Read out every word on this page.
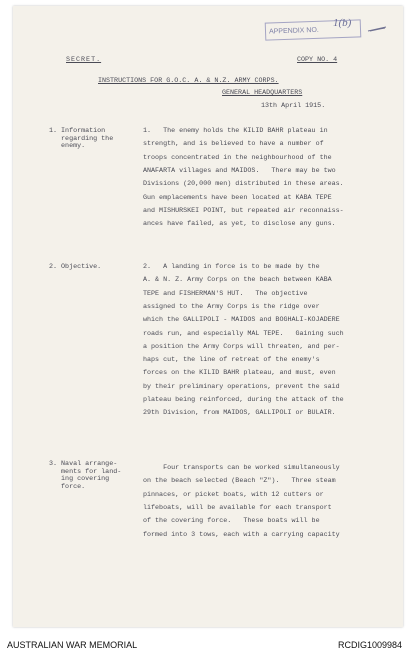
APPENDIX NO.
1(b)
SECRET.	COPY NO. 4
INSTRUCTIONS FOR G.O.C. A. & N.Z. ARMY CORPS.
GENERAL HEADQUARTERS
13th April 1915.
1. Information
regarding the
enemy.
1.   The enemy holds the KILID BAHR plateau in
strength, and is believed to have a number of
troops concentrated in the neighbourhood of the
ANAFARTA villages and MAIDOS.   There may be two
Divisions (20,000 men) distributed in these areas.
Gun emplacements have been located at KABA TEPE
and MISHURSKEI POINT, but repeated air reconnaiss-
ances have failed, as yet, to disclose any guns.
2. Objective.	2.   A landing in force is to be made by the
A. & N. Z. Army Corps on the beach between KABA
TEPE and FISHERMAN'S HUT.   The objective
assigned to the Army Corps is the ridge over
which the GALLIPOLI - MAIDOS and BOGHALI-KOJADERE
roads run, and especially MAL TEPE.   Gaining such
a position the Army Corps will threaten, and per-
haps cut, the line of retreat of the enemy's
forces on the KILID BAHR plateau, and must, even
by their preliminary operations, prevent the said
plateau being reinforced, during the attack of the
29th Division, from MAIDOS, GALLIPOLI or BULAIR.
3. Naval arrange-
ments for land-
ing covering
force.
Four transports can be worked simultaneously
on the beach selected (Beach "Z").   Three steam
pinnaces, or picket boats, with 12 cutters or
lifeboats, will be available for each transport
of the covering force.   These boats will be
formed into 3 tows, each with a carrying capacity
AUSTRALIAN WAR MEMORIAL	RCDIG1009984
